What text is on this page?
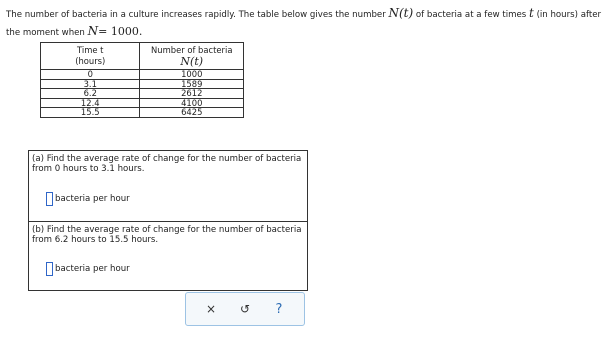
The number of bacteria in a culture increases rapidly. The table below gives the number N(t) of bacteria at a few times t (in hours) after the moment when N= 1000.
Time t
(hours)	Number of bacteria
N(t)

0	1000
3.1	1589
6.2	2612
12.4	4100
15.5	6425
(a) Find the average rate of change for the number of bacteria from 0 hours to 3.1 hours.
bacteria per hour
(b) Find the average rate of change for the number of bacteria from 6.2 hours to 15.5 hours.
bacteria per hour
×	↺	?
